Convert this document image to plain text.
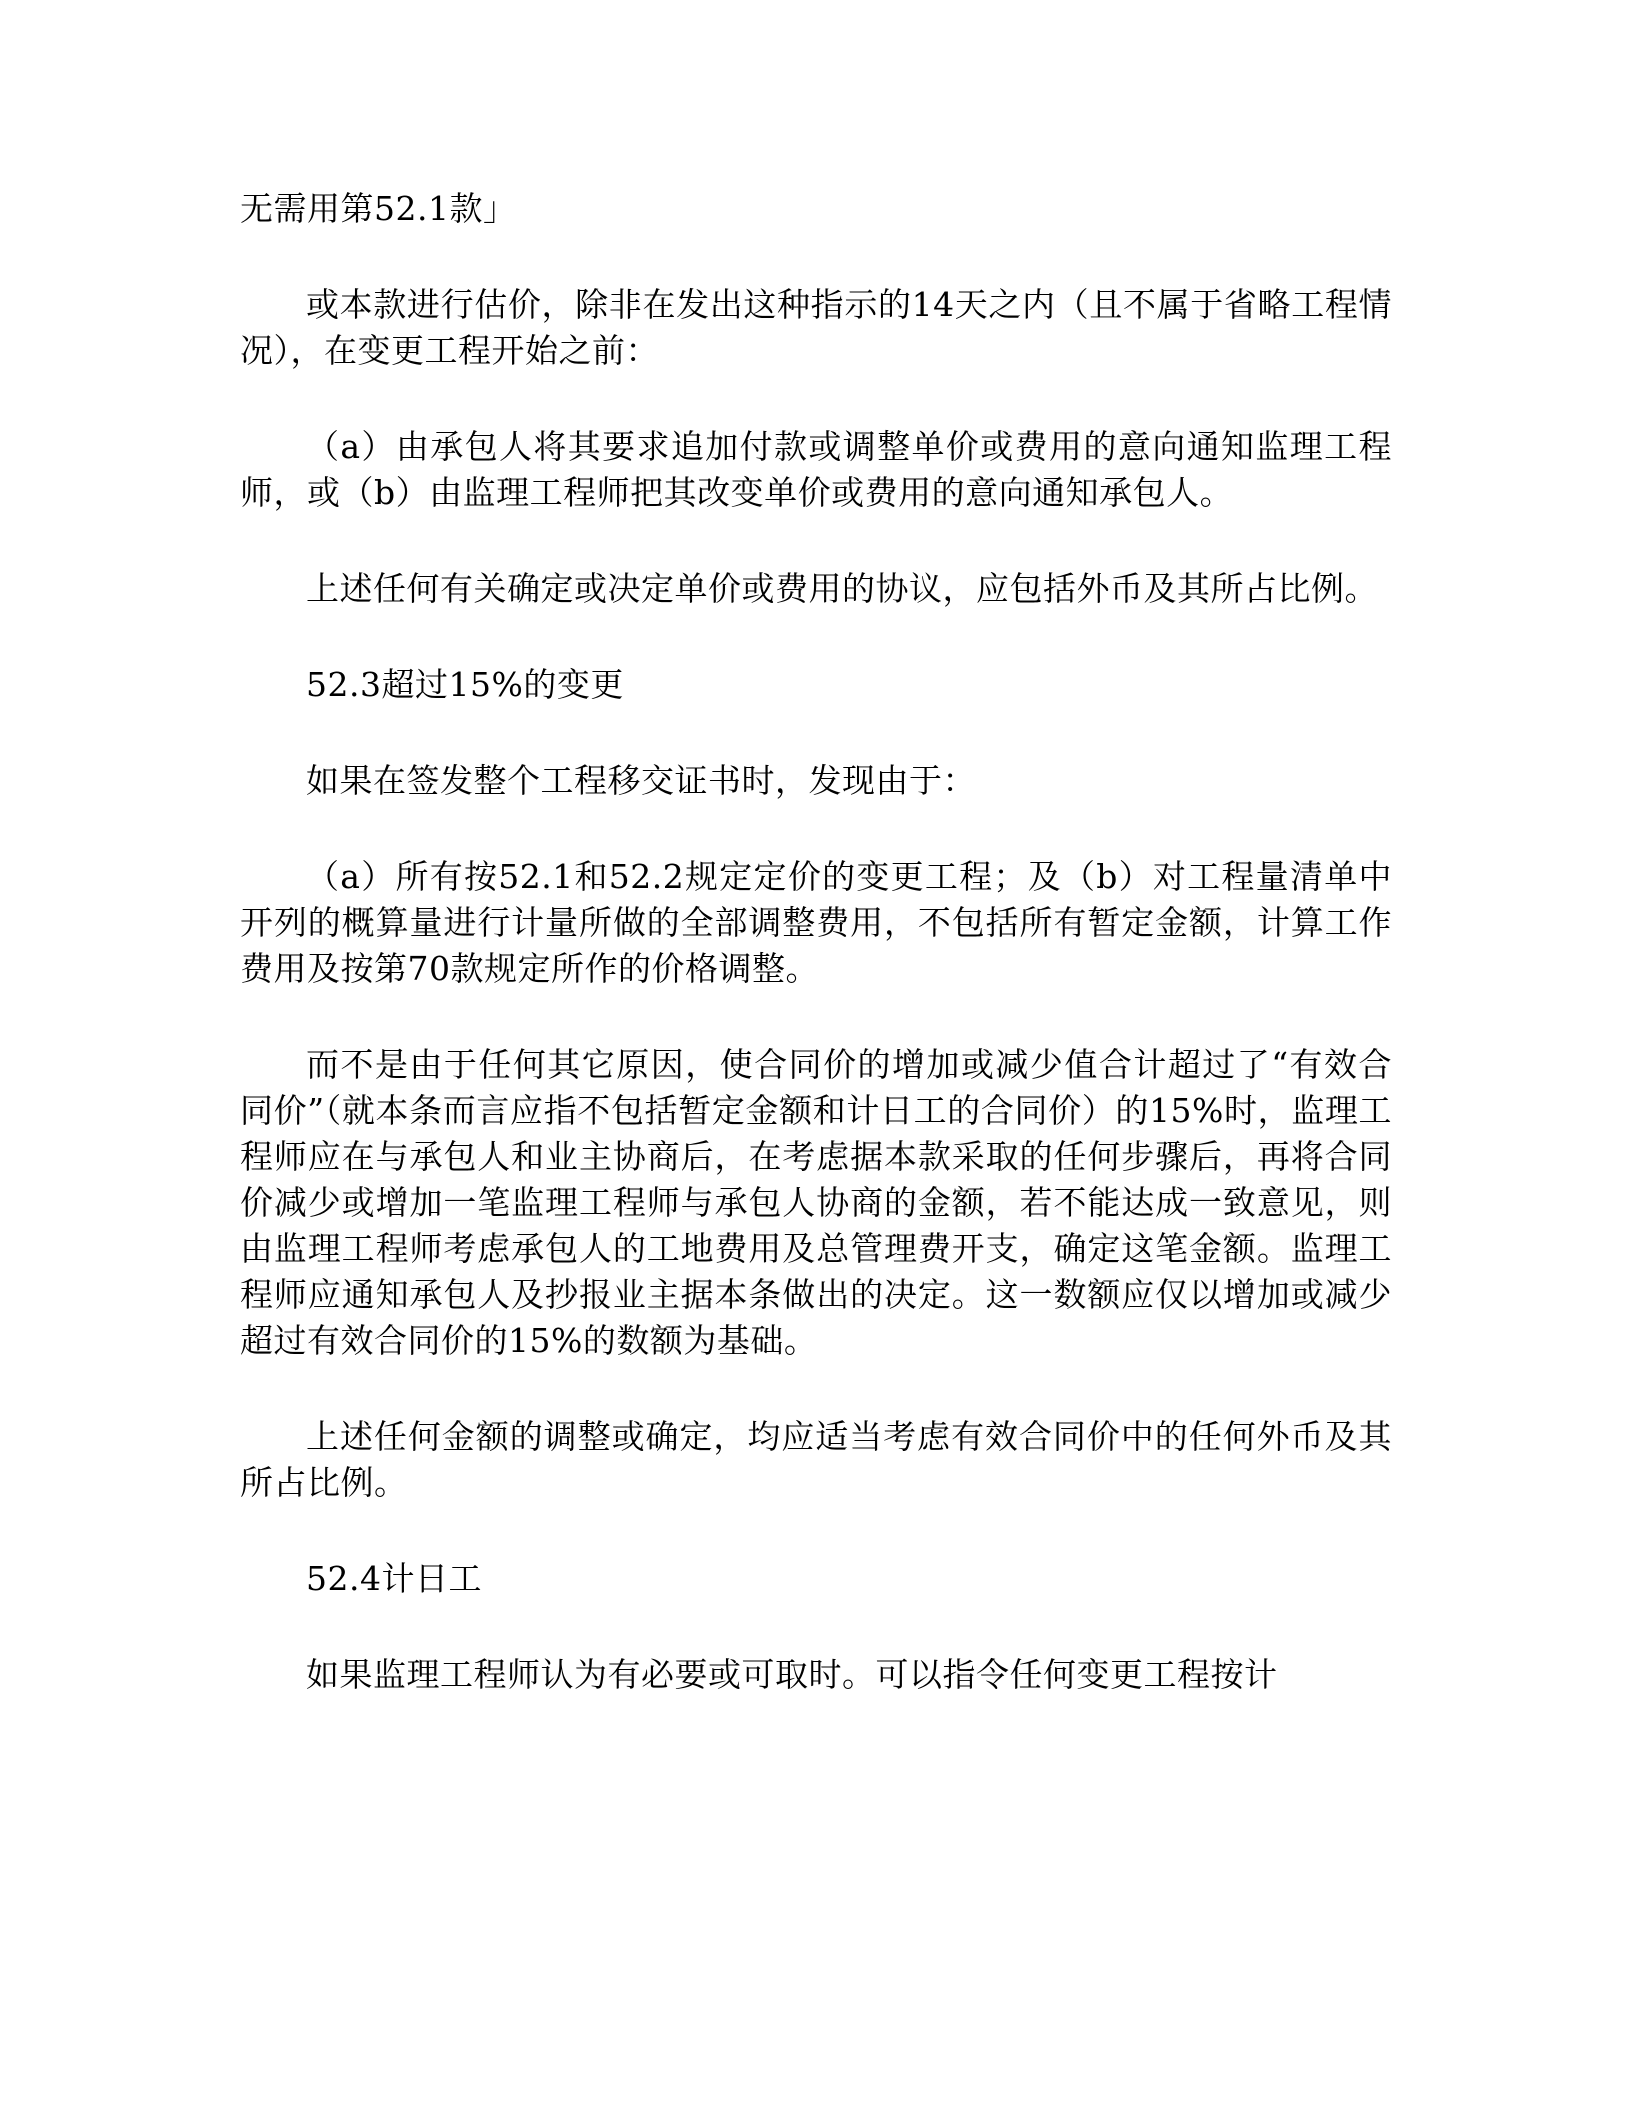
无需用第52.1款」

或本款进行估价，除非在发出这种指示的14天之内（且不属于省略工程情况），在变更工程开始之前：

（a）由承包人将其要求追加付款或调整单价或费用的意向通知监理工程师，或（b）由监理工程师把其改变单价或费用的意向通知承包人。

上述任何有关确定或决定单价或费用的协议，应包括外币及其所占比例。

52.3超过15%的变更

如果在签发整个工程移交证书时，发现由于：

（a）所有按52.1和52.2规定定价的变更工程；及（b）对工程量清单中开列的概算量进行计量所做的全部调整费用，不包括所有暂定金额，计算工作费用及按第70款规定所作的价格调整。

而不是由于任何其它原因，使合同价的增加或减少值合计超过了“有效合同价”（就本条而言应指不包括暂定金额和计日工的合同价）的15%时，监理工程师应在与承包人和业主协商后，在考虑据本款采取的任何步骤后，再将合同价减少或增加一笔监理工程师与承包人协商的金额，若不能达成一致意见，则由监理工程师考虑承包人的工地费用及总管理费开支，确定这笔金额。监理工程师应通知承包人及抄报业主据本条做出的决定。这一数额应仅以增加或减少超过有效合同价的15%的数额为基础。

上述任何金额的调整或确定，均应适当考虑有效合同价中的任何外币及其所占比例。

52.4计日工

如果监理工程师认为有必要或可取时。可以指令任何变更工程按计
